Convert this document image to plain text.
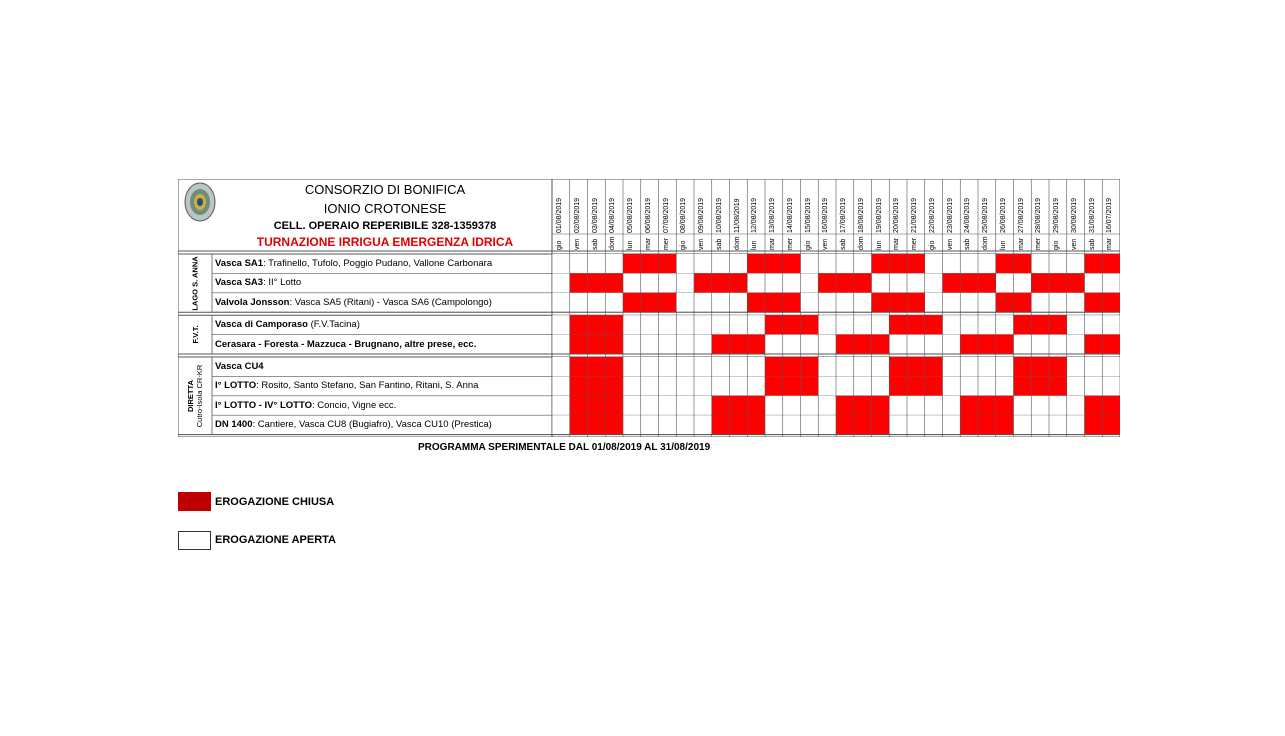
CONSORZIO DI BONIFICA
IONIO CROTONESE
CELL. OPERAIO REPERIBILE 328-1359378
TURNAZIONE IRRIGUA EMERGENZA IDRICA
01/08/2019
gio
02/08/2019
ven
03/08/2019
sab
04/08/2019
dom
05/08/2019
lun
06/08/2019
mar
07/08/2019
mer
08/08/2019
gio
09/08/2019
ven
10/08/2019
sab
11/08/2019
dom
12/08/2019
lun
13/08/2019
mar
14/08/2019
mer
15/08/2019
gio
16/08/2019
ven
17/08/2019
sab
18/08/2019
dom
19/08/2019
lun
20/08/2019
mar
21/08/2019
mer
22/08/2019
gio
23/08/2019
ven
24/08/2019
sab
25/08/2019
dom
26/08/2019
lun
27/08/2019
mar
28/08/2019
mer
29/08/2019
gio
30/08/2019
ven
31/08/2019
sab
16/07/2019
mar
LAGO S. ANNA
F.V.T.
DIRETTA Cutro-Isola CR-KR
Vasca SA1: Trafinello, Tufolo, Poggio Pudano, Vallone Carbonara
Vasca SA3: II° Lotto
Valvola Jonsson: Vasca SA5 (Ritani) - Vasca SA6 (Campolongo)
Vasca di Camporaso (F.V.Tacina)
Cerasara - Foresta - Mazzuca - Brugnano, altre prese, ecc.
Vasca CU4
I° LOTTO: Rosito, Santo Stefano, San Fantino, Ritani, S. Anna
I° LOTTO - IV° LOTTO: Concio, Vigne ecc.
DN 1400: Cantiere, Vasca CU8 (Bugiafro), Vasca CU10 (Prestica)
PROGRAMMA SPERIMENTALE DAL 01/08/2019 AL 31/08/2019
EROGAZIONE CHIUSA
EROGAZIONE APERTA
